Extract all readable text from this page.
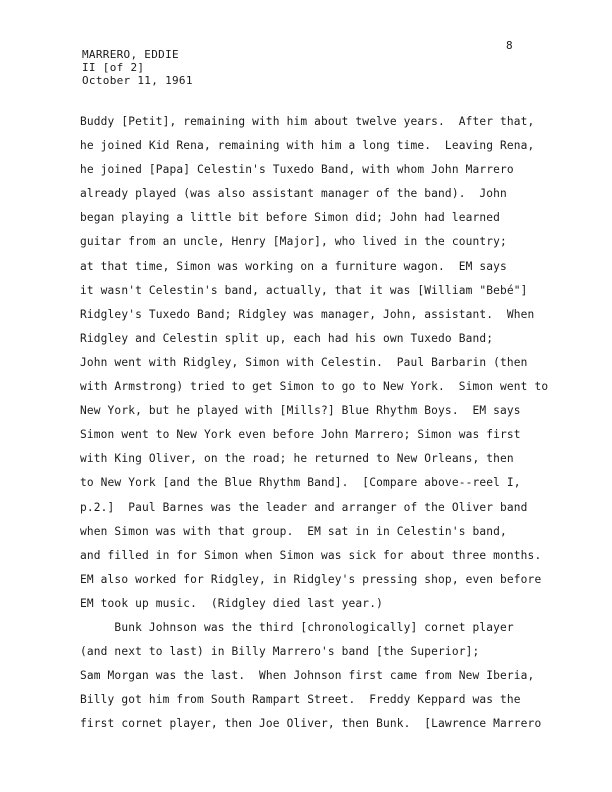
8
MARRERO, EDDIE
II [of 2]
October 11, 1961
Buddy [Petit], remaining with him about twelve years.  After that,
he joined Kid Rena, remaining with him a long time.  Leaving Rena,
he joined [Papa] Celestin's Tuxedo Band, with whom John Marrero
already played (was also assistant manager of the band).  John
began playing a little bit before Simon did; John had learned
guitar from an uncle, Henry [Major], who lived in the country;
at that time, Simon was working on a furniture wagon.  EM says
it wasn't Celestin's band, actually, that it was [William "Bebé"]
Ridgley's Tuxedo Band; Ridgley was manager, John, assistant.  When
Ridgley and Celestin split up, each had his own Tuxedo Band;
John went with Ridgley, Simon with Celestin.  Paul Barbarin (then
with Armstrong) tried to get Simon to go to New York.  Simon went to
New York, but he played with [Mills?] Blue Rhythm Boys.  EM says
Simon went to New York even before John Marrero; Simon was first
with King Oliver, on the road; he returned to New Orleans, then
to New York [and the Blue Rhythm Band].  [Compare above--reel I,
p.2.]  Paul Barnes was the leader and arranger of the Oliver band
when Simon was with that group.  EM sat in in Celestin's band,
and filled in for Simon when Simon was sick for about three months.
EM also worked for Ridgley, in Ridgley's pressing shop, even before
EM took up music.  (Ridgley died last year.)
Bunk Johnson was the third [chronologically] cornet player
(and next to last) in Billy Marrero's band [the Superior];
Sam Morgan was the last.  When Johnson first came from New Iberia,
Billy got him from South Rampart Street.  Freddy Keppard was the
first cornet player, then Joe Oliver, then Bunk.  [Lawrence Marrero
